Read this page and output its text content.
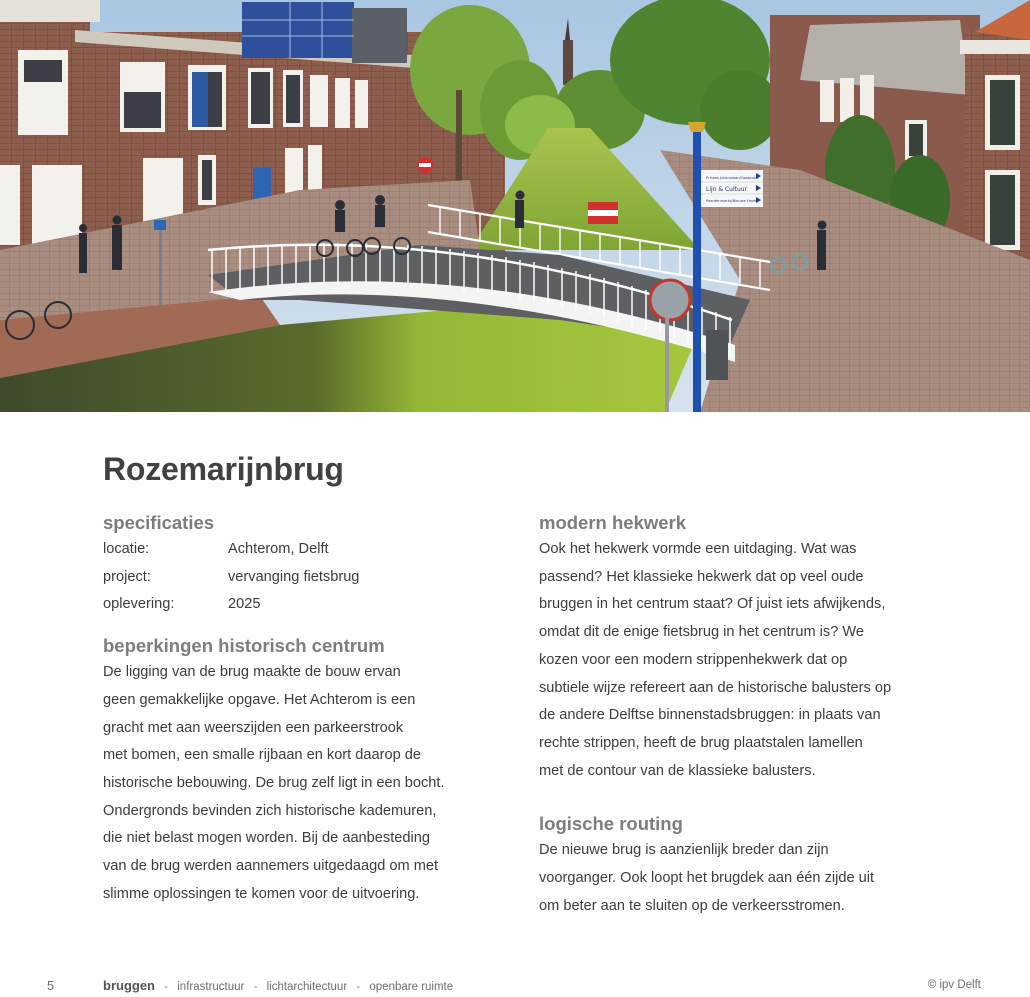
Prinses Julianalaan/Oostpoort
Lijn & Cultuur
Paardenmarkt/Nieuwe Haven
Rozemarijnbrug
specificaties
locatie:	Achterom, Delft
project:	vervanging fietsbrug
oplevering:	2025
beperkingen historisch centrum

De ligging van de brug maakte de bouw ervan

geen gemakkelijke opgave. Het Achterom is een

gracht met aan weerszijden een parkeerstrook

met bomen, een smalle rijbaan en kort daarop de

historische bebouwing. De brug zelf ligt in een bocht.

Ondergronds bevinden zich historische kademuren,

die niet belast mogen worden. Bij de aanbesteding

van de brug werden aannemers uitgedaagd om met

slimme oplossingen te komen voor de uitvoering.

modern hekwerk

Ook het hekwerk vormde een uitdaging. Wat was

passend? Het klassieke hekwerk dat op veel oude

bruggen in het centrum staat? Of juist iets afwijkends,

omdat dit de enige fietsbrug in het centrum is? We

kozen voor een modern strippenhekwerk dat op

subtiele wijze refereert aan de historische balusters op

de andere Delftse binnenstadsbruggen: in plaats van

rechte strippen, heeft de brug plaatstalen lamellen

met de contour van de klassieke balusters.

logische routing

De nieuwe brug is aanzienlijk breder dan zijn

voorganger. Ook loopt het brugdek aan één zijde uit

om beter aan te sluiten op de verkeersstromen.

5	bruggen - infrastructuur - lichtarchitectuur - openbare ruimte	© ipv Delft
